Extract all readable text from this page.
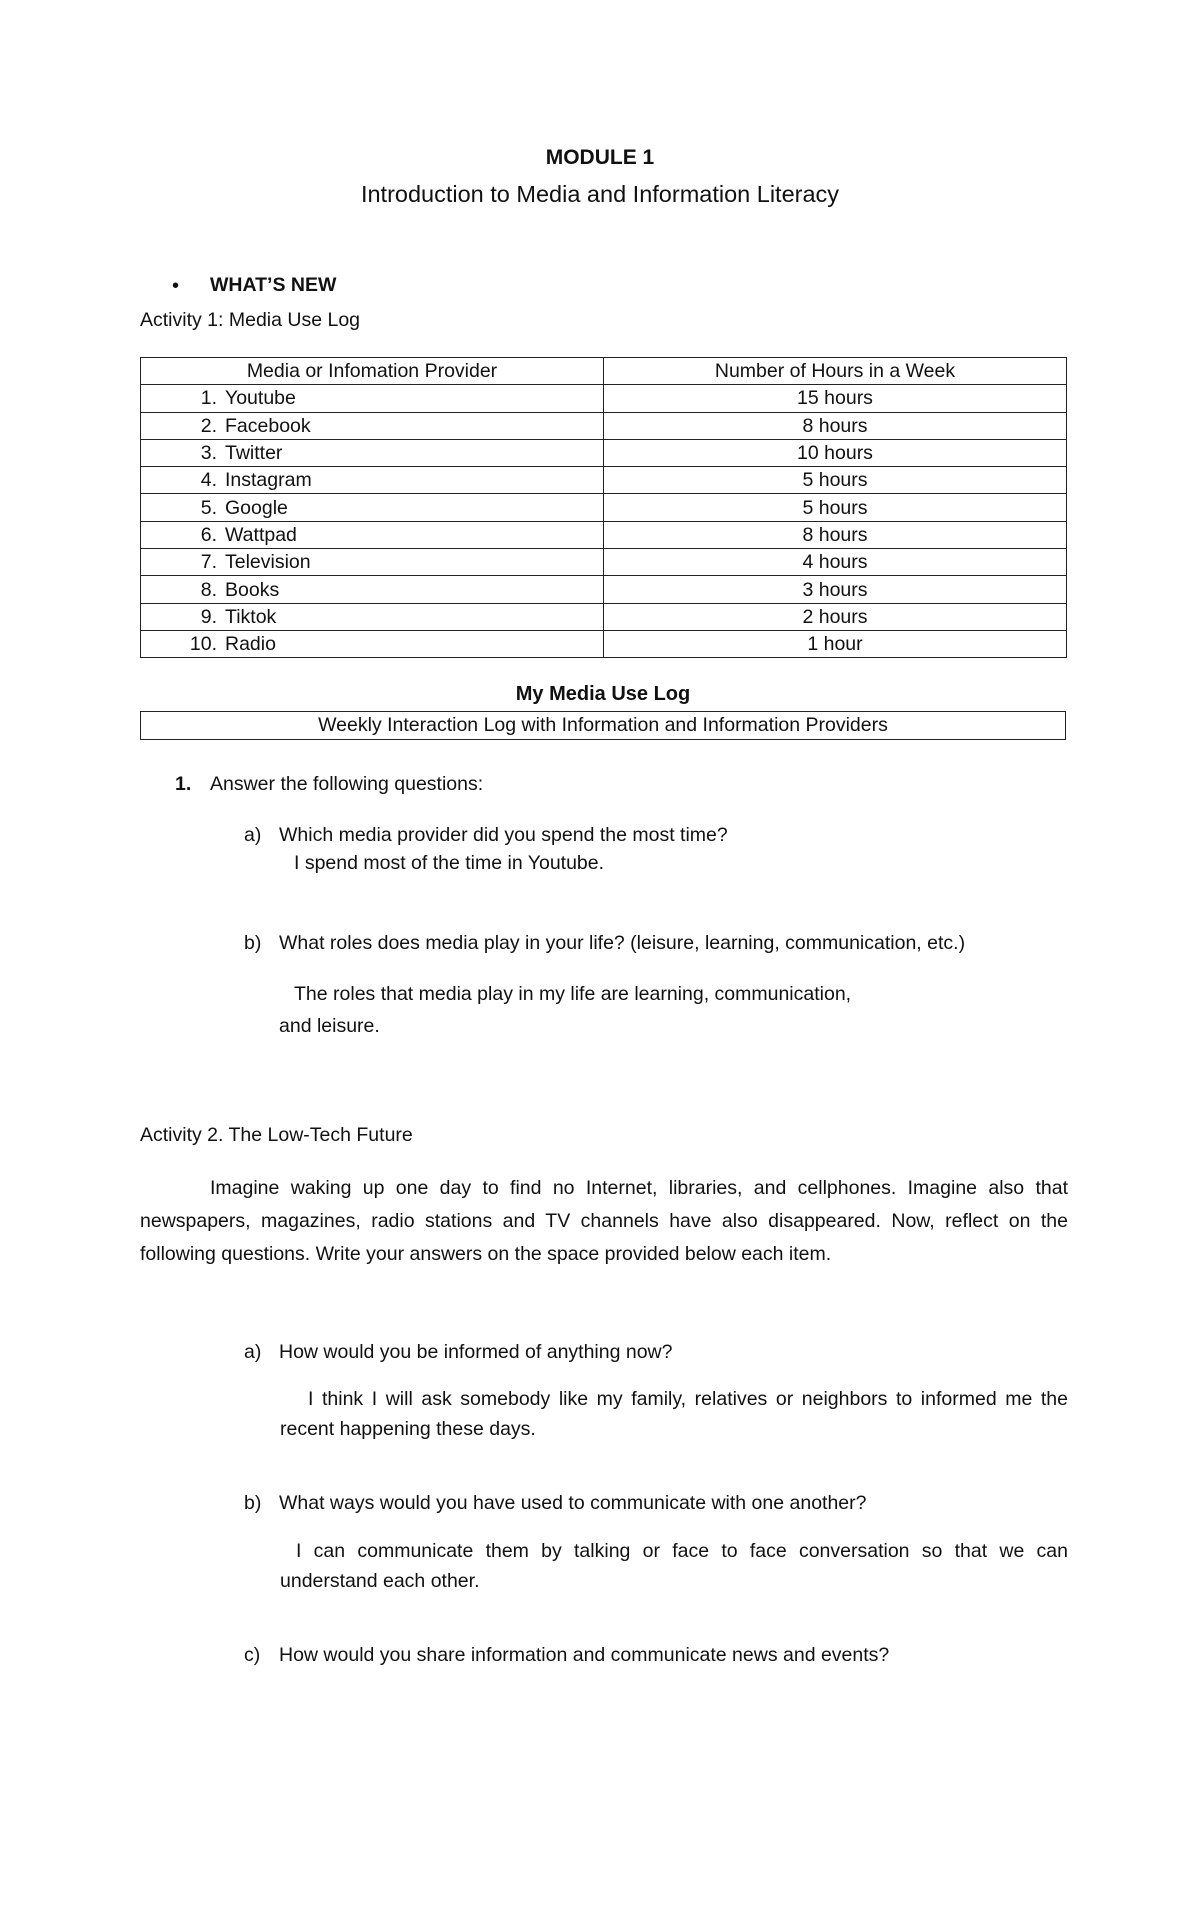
MODULE 1
Introduction to Media and Information Literacy
• WHAT’S NEW
Activity 1: Media Use Log
Media or Infomation Provider	Number of Hours in a Week
1. Youtube	15 hours
2. Facebook	8 hours
3. Twitter	10 hours
4. Instagram	5 hours
5. Google	5 hours
6. Wattpad	8 hours
7. Television	4 hours
8. Books	3 hours
9. Tiktok	2 hours
10. Radio	1 hour
My Media Use Log
Weekly Interaction Log with Information and Information Providers
1. Answer the following questions:
a) Which media provider did you spend the most time?
I spend most of the time in Youtube.
b) What roles does media play in your life? (leisure, learning, communication, etc.)
The roles that media play in my life are learning, communication,
and leisure.
Activity 2. The Low-Tech Future
Imagine waking up one day to find no Internet, libraries, and cellphones. Imagine also that newspapers, magazines, radio stations and TV channels have also disappeared. Now, reflect on the following questions. Write your answers on the space provided below each item.
a) How would you be informed of anything now?
I think I will ask somebody like my family, relatives or neighbors to informed me the recent happening these days.
b) What ways would you have used to communicate with one another?
I can communicate them by talking or face to face conversation so that we can understand each other.
c) How would you share information and communicate news and events?
